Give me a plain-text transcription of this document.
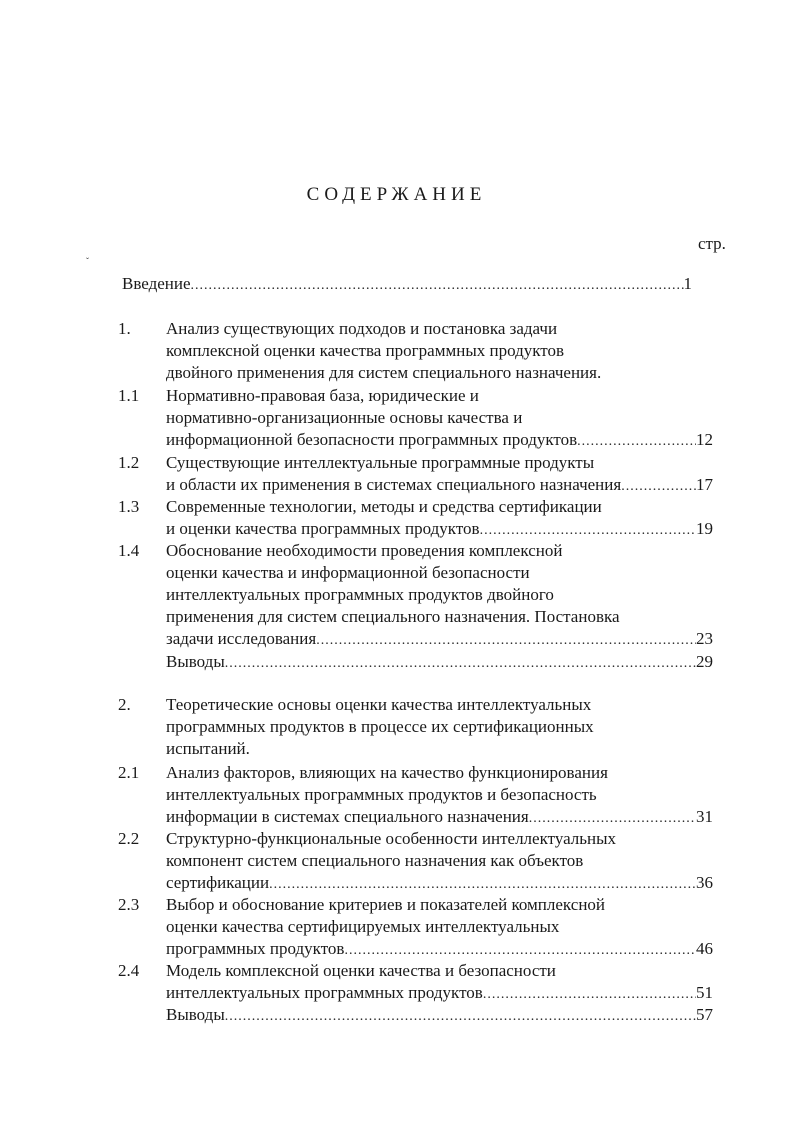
СОДЕРЖАНИЕ
стр.
ˇ
Введение .....	1
1. Анализ существующих подходов и постановка задачи
комплексной оценки качества программных продуктов
двойного применения для систем специального назначения.
1.1 Нормативно-правовая база, юридические и
нормативно-организационные основы качества и
информационной безопасности программных продуктов .....	12
1.2 Существующие интеллектуальные программные продукты
и области их применения в системах специального назначения .....	17
1.3 Современные технологии, методы и средства сертификации
и оценки качества программных продуктов .....	19
1.4 Обоснование необходимости проведения комплексной
оценки качества и информационной безопасности
интеллектуальных программных продуктов двойного
применения для систем специального назначения. Постановка
задачи исследования .....	23
Выводы .....	29
2. Теоретические основы оценки качества интеллектуальных
программных продуктов в процессе их сертификационных
испытаний.
2.1 Анализ факторов, влияющих на качество функционирования
интеллектуальных программных продуктов и безопасность
информации в системах специального назначения .....	31
2.2 Структурно-функциональные особенности интеллектуальных
компонент систем специального назначения как объектов
сертификации .....	36
2.3 Выбор и обоснование критериев и показателей комплексной
оценки качества сертифицируемых интеллектуальных
программных продуктов .....	46
2.4 Модель комплексной оценки качества и безопасности
интеллектуальных программных продуктов .....	51
Выводы .....	57
